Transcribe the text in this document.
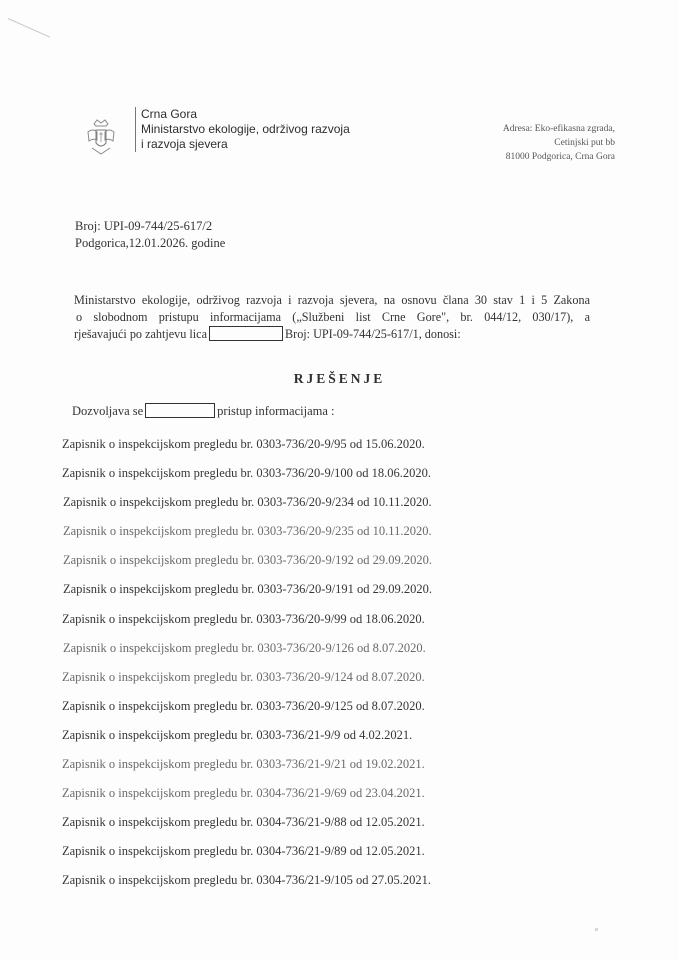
Crna Gora
Ministarstvo ekologije, održivog razvoja
i razvoja sjevera
Adresa: Eko-efikasna zgrada,
Cetinjski put bb
81000 Podgorica, Crna Gora
Broj: UPI-09-744/25-617/2
Podgorica,12.01.2026. godine
Ministarstvo ekologije, održivog razvoja i razvoja sjevera, na osnovu člana 30 stav 1 i 5 Zakona
o slobodnom pristupu informacijama („Službeni list Crne Gore", br. 044/12, 030/17), a
rješavajući po zahtjevu lica	Broj: UPI-09-744/25-617/1, donosi:
RJEŠENJE
Dozvoljava se	pristup informacijama :
Zapisnik o inspekcijskom pregledu br. 0303-736/20-9/95 od 15.06.2020.
Zapisnik o inspekcijskom pregledu br. 0303-736/20-9/100 od 18.06.2020.
Zapisnik o inspekcijskom pregledu br. 0303-736/20-9/234 od 10.11.2020.
Zapisnik o inspekcijskom pregledu br. 0303-736/20-9/235 od 10.11.2020.
Zapisnik o inspekcijskom pregledu br. 0303-736/20-9/192 od 29.09.2020.
Zapisnik o inspekcijskom pregledu br. 0303-736/20-9/191 od 29.09.2020.
Zapisnik o inspekcijskom pregledu br. 0303-736/20-9/99 od 18.06.2020.
Zapisnik o inspekcijskom pregledu br. 0303-736/20-9/126 od 8.07.2020.
Zapisnik o inspekcijskom pregledu br. 0303-736/20-9/124 od 8.07.2020.
Zapisnik o inspekcijskom pregledu br. 0303-736/20-9/125 od 8.07.2020.
Zapisnik o inspekcijskom pregledu br. 0303-736/21-9/9 od 4.02.2021.
Zapisnik o inspekcijskom pregledu br. 0303-736/21-9/21 od 19.02.2021.
Zapisnik o inspekcijskom pregledu br. 0304-736/21-9/69 od 23.04.2021.
Zapisnik o inspekcijskom pregledu br. 0304-736/21-9/88 od 12.05.2021.
Zapisnik o inspekcijskom pregledu br. 0304-736/21-9/89 od 12.05.2021.
Zapisnik o inspekcijskom pregledu br. 0304-736/21-9/105 od 27.05.2021.
